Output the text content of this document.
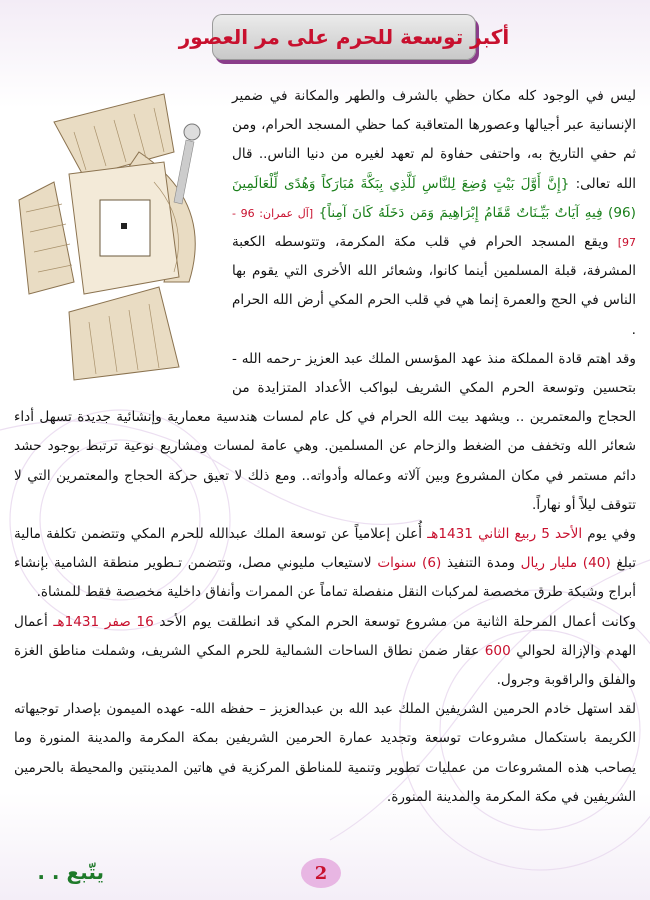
أكبر توسعة للحرم على مر العصور

ليس في الوجود كله مكان حظي بالشرف والطهر والمكانة في ضمير الإنسانية عبر أجيالها وعصورها المتعاقبة كما حظي المسجد الحرام، ومن ثم حفي التاريخ به، واحتفى حفاوة لم تعهد لغيره من دنيا الناس.. قال الله تعالى: {إِنَّ أَوَّلَ بَيْتٍ وُضِعَ لِلنَّاسِ لَلَّذِي بِبَكَّةَ مُبَارَكاً وَهُدًى لِّلْعَالَمِينَ (96) فِيهِ آيَاتٌ بَيِّـنَاتٌ مَّقَامُ إِبْرَاهِيمَ وَمَن دَخَلَهُ كَانَ آمِناً} [آل عمران: 96 - 97] ويقع المسجد الحرام في قلب مكة المكرمة، وتتوسطه الكعبة المشرفة، قبلة المسلمين أينما كانوا، وشعائر الله الأخرى التي يقوم بها الناس في الحج والعمرة إنما هي في قلب الحرم المكي أرض الله الحرام .

وقد اهتم قادة المملكة منذ عهد المؤسس الملك عبد العزيز -رحمه الله - بتحسين وتوسعة الحرم المكي الشريف لبواكب الأعداد المتزايدة من الحجاج والمعتمرين .. ويشهد بيت الله الحرام في كل عام لمسات هندسية معمارية وإنشائية جديدة تسهل أداء شعائر الله وتخفف من الضغط والزحام عن المسلمين. وهي عامة لمسات ومشاريع نوعية ترتبط بوجود حشد دائم مستمر في مكان المشروع وبين آلاته وعماله وأدواته.. ومع ذلك لا تعيق حركة الحجاج والمعتمرين التي لا تتوقف ليلاً أو نهاراً.

وفي يوم الأحد 5 ربيع الثاني 1431هـ أُعلن إعلامياً عن توسعة الملك عبدالله للحرم المكي وتتضمن تكلفة مالية تبلغ (40) مليار ريال ومدة التنفيذ (6) سنوات لاستيعاب مليوني مصل، وتتضمن تـطوير منطقة الشامية بإنشاء أبراج وشبكة طرق مخصصة لمركبات النقل منفصلة تماماً عن الممرات وأنفاق داخلية مخصصة فقط للمشاة.

وكانت أعمال المرحلة الثانية من مشروع توسعة الحرم المكي قد انطلقت يوم الأحد 16 صفر 1431هـ أعمال الهدم والإزالة لحوالي 600 عقار ضمن نطاق الساحات الشمالية للحرم المكي الشريف، وشملت مناطق الغزة والفلق والراقوبة وجرول.

لقد استهل خادم الحرمين الشريفين الملك عبد الله بن عبدالعزيز – حفظه الله- عهده الميمون بإصدار توجيهاته الكريمة باستكمال مشروعات توسعة وتجديد عمارة الحرمين الشريفين بمكة المكرمة والمدينة المنورة وما يصاحب هذه المشروعات من عمليات تطوير وتنمية للمناطق المركزية في هاتين المدينتين والمحيطة بالحرمين الشريفين في مكة المكرمة والمدينة المنورة.

2
يتّبع . .
